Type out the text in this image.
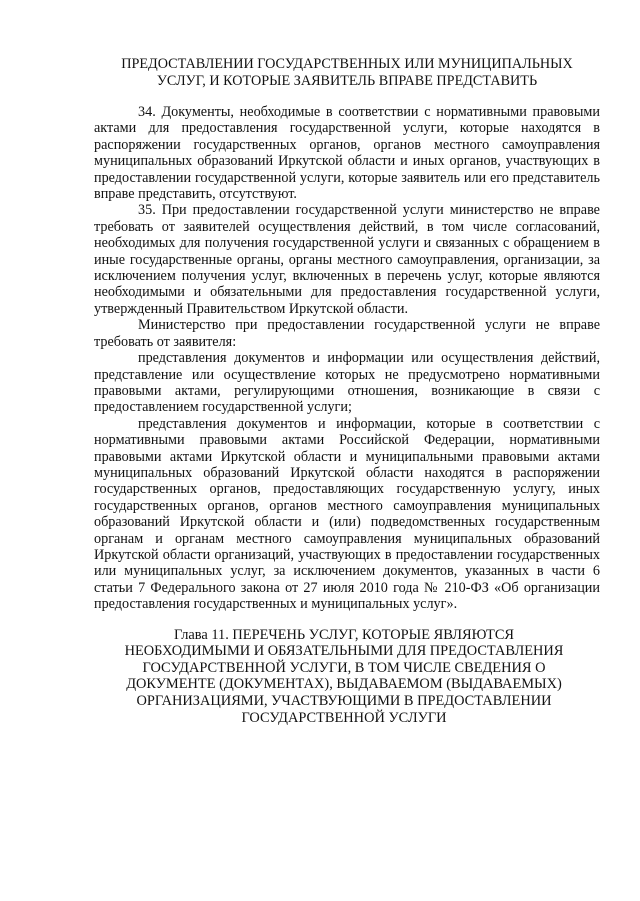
ПРЕДОСТАВЛЕНИИ ГОСУДАРСТВЕННЫХ ИЛИ МУНИЦИПАЛЬНЫХ
УСЛУГ, И КОТОРЫЕ ЗАЯВИТЕЛЬ ВПРАВЕ ПРЕДСТАВИТЬ

34. Документы, необходимые в соответствии с нормативными правовыми актами для предоставления государственной услуги, которые находятся в распоряжении государственных органов, органов местного самоуправления муниципальных образований Иркутской области и иных органов, участвующих в предоставлении государственной услуги, которые заявитель или его представитель вправе представить, отсутствуют.

35. При предоставлении государственной услуги министерство не вправе требовать от заявителей осуществления действий, в том числе согласований, необходимых для получения государственной услуги и связанных с обращением в иные государственные органы, органы местного самоуправления, организации, за исключением получения услуг, включенных в перечень услуг, которые являются необходимыми и обязательными для предоставления государственной услуги, утвержденный Правительством Иркутской области.

Министерство при предоставлении государственной услуги не вправе требовать от заявителя:

представления документов и информации или осуществления действий, представление или осуществление которых не предусмотрено нормативными правовыми актами, регулирующими отношения, возникающие в связи с предоставлением государственной услуги;

представления документов и информации, которые в соответствии с нормативными правовыми актами Российской Федерации, нормативными правовыми актами Иркутской области и муниципальными правовыми актами муниципальных образований Иркутской области находятся в распоряжении государственных органов, предоставляющих государственную услугу, иных государственных органов, органов местного самоуправления муниципальных образований Иркутской области и (или) подведомственных государственным органам и органам местного самоуправления муниципальных образований Иркутской области организаций, участвующих в предоставлении государственных или муниципальных услуг, за исключением документов, указанных в части 6 статьи 7 Федерального закона от 27 июля 2010 года № 210-ФЗ «Об организации предоставления государственных и муниципальных услуг».

Глава 11. ПЕРЕЧЕНЬ УСЛУГ, КОТОРЫЕ ЯВЛЯЮТСЯ
НЕОБХОДИМЫМИ И ОБЯЗАТЕЛЬНЫМИ ДЛЯ ПРЕДОСТАВЛЕНИЯ
ГОСУДАРСТВЕННОЙ УСЛУГИ, В ТОМ ЧИСЛЕ СВЕДЕНИЯ О
ДОКУМЕНТЕ (ДОКУМЕНТАХ), ВЫДАВАЕМОМ (ВЫДАВАЕМЫХ)
ОРГАНИЗАЦИЯМИ, УЧАСТВУЮЩИМИ В ПРЕДОСТАВЛЕНИИ
ГОСУДАРСТВЕННОЙ УСЛУГИ
